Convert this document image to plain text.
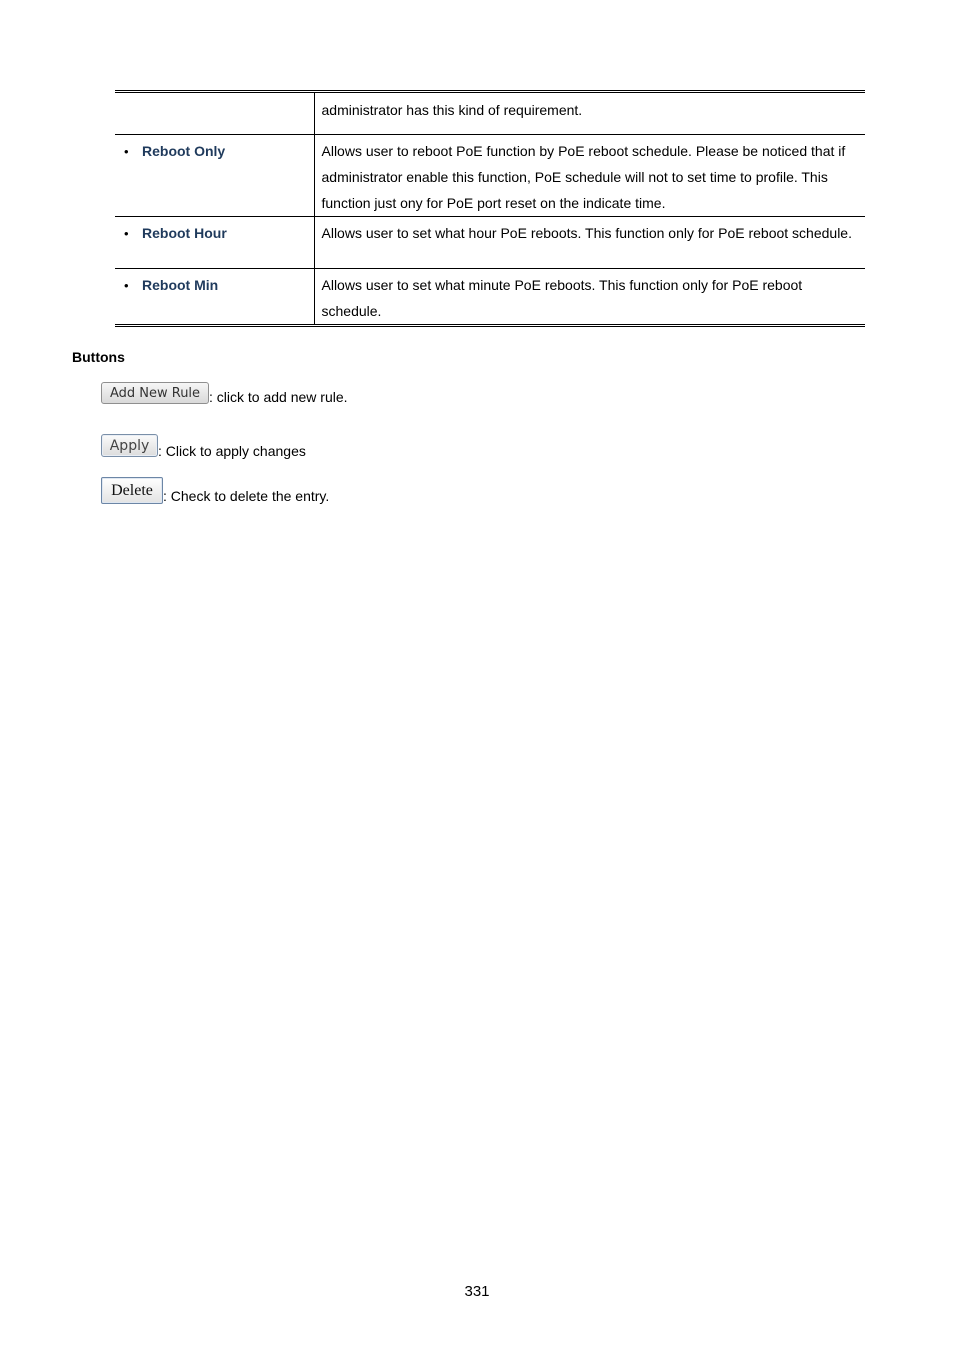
	administrator has this kind of requirement.

• Reboot Only	Allows user to reboot PoE function by PoE reboot schedule. Please be noticed that if administrator enable this function, PoE schedule will not to set time to profile. This function just ony for PoE port reset on the indicate time.

• Reboot Hour	Allows user to set what hour PoE reboots. This function only for PoE reboot schedule.

• Reboot Min	Allows user to set what minute PoE reboots. This function only for PoE reboot schedule.
Buttons
Add New Rule : click to add new rule.
Apply : Click to apply changes
Delete : Check to delete the entry.
331
